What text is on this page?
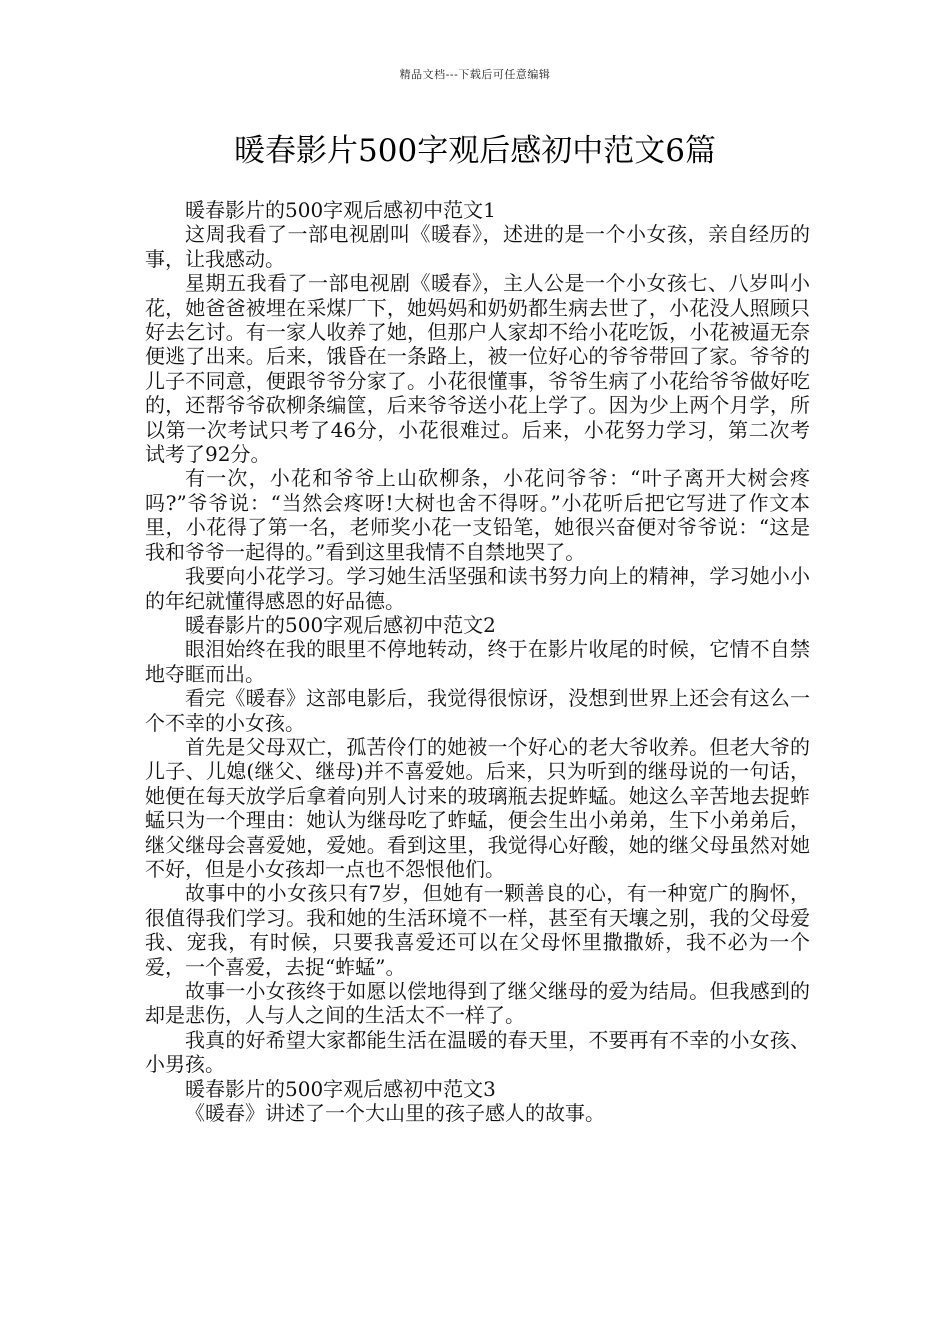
精品文档---下载后可任意编辑
暖春影片500字观后感初中范文6篇

暖春影片的500字观后感初中范文1

这周我看了一部电视剧叫《暖春》，述进的是一个小女孩，亲自经历的事，让我感动。

星期五我看了一部电视剧《暖春》，主人公是一个小女孩七、八岁叫小花，她爸爸被埋在采煤厂下，她妈妈和奶奶都生病去世了，小花没人照顾只好去乞讨。有一家人收养了她，但那户人家却不给小花吃饭，小花被逼无奈便逃了出来。后来，饿昏在一条路上，被一位好心的爷爷带回了家。爷爷的儿子不同意，便跟爷爷分家了。小花很懂事，爷爷生病了小花给爷爷做好吃的，还帮爷爷砍柳条编筐，后来爷爷送小花上学了。因为少上两个月学，所以第一次考试只考了46分，小花很难过。后来，小花努力学习，第二次考试考了92分。

有一次，小花和爷爷上山砍柳条，小花问爷爷：“叶子离开大树会疼吗?”爷爷说：“当然会疼呀!大树也舍不得呀。”小花听后把它写进了作文本里，小花得了第一名，老师奖小花一支铅笔，她很兴奋便对爷爷说：“这是我和爷爷一起得的。”看到这里我情不自禁地哭了。

我要向小花学习。学习她生活坚强和读书努力向上的精神，学习她小小的年纪就懂得感恩的好品德。

暖春影片的500字观后感初中范文2

眼泪始终在我的眼里不停地转动，终于在影片收尾的时候，它情不自禁地夺眶而出。

看完《暖春》这部电影后，我觉得很惊讶，没想到世界上还会有这么一个不幸的小女孩。

首先是父母双亡，孤苦伶仃的她被一个好心的老大爷收养。但老大爷的儿子、儿媳(继父、继母)并不喜爱她。后来，只为听到的继母说的一句话，她便在每天放学后拿着向别人讨来的玻璃瓶去捉蚱蜢。她这么辛苦地去捉蚱蜢只为一个理由：她认为继母吃了蚱蜢，便会生出小弟弟，生下小弟弟后，继父继母会喜爱她，爱她。看到这里，我觉得心好酸，她的继父母虽然对她不好，但是小女孩却一点也不怨恨他们。

故事中的小女孩只有7岁，但她有一颗善良的心，有一种宽广的胸怀，很值得我们学习。我和她的生活环境不一样，甚至有天壤之别，我的父母爱我、宠我，有时候，只要我喜爱还可以在父母怀里撒撒娇，我不必为一个爱，一个喜爱，去捉“蚱蜢”。

故事一小女孩终于如愿以偿地得到了继父继母的爱为结局。但我感到的却是悲伤，人与人之间的生活太不一样了。

我真的好希望大家都能生活在温暖的春天里，不要再有不幸的小女孩、小男孩。

暖春影片的500字观后感初中范文3

《暖春》讲述了一个大山里的孩子感人的故事。
